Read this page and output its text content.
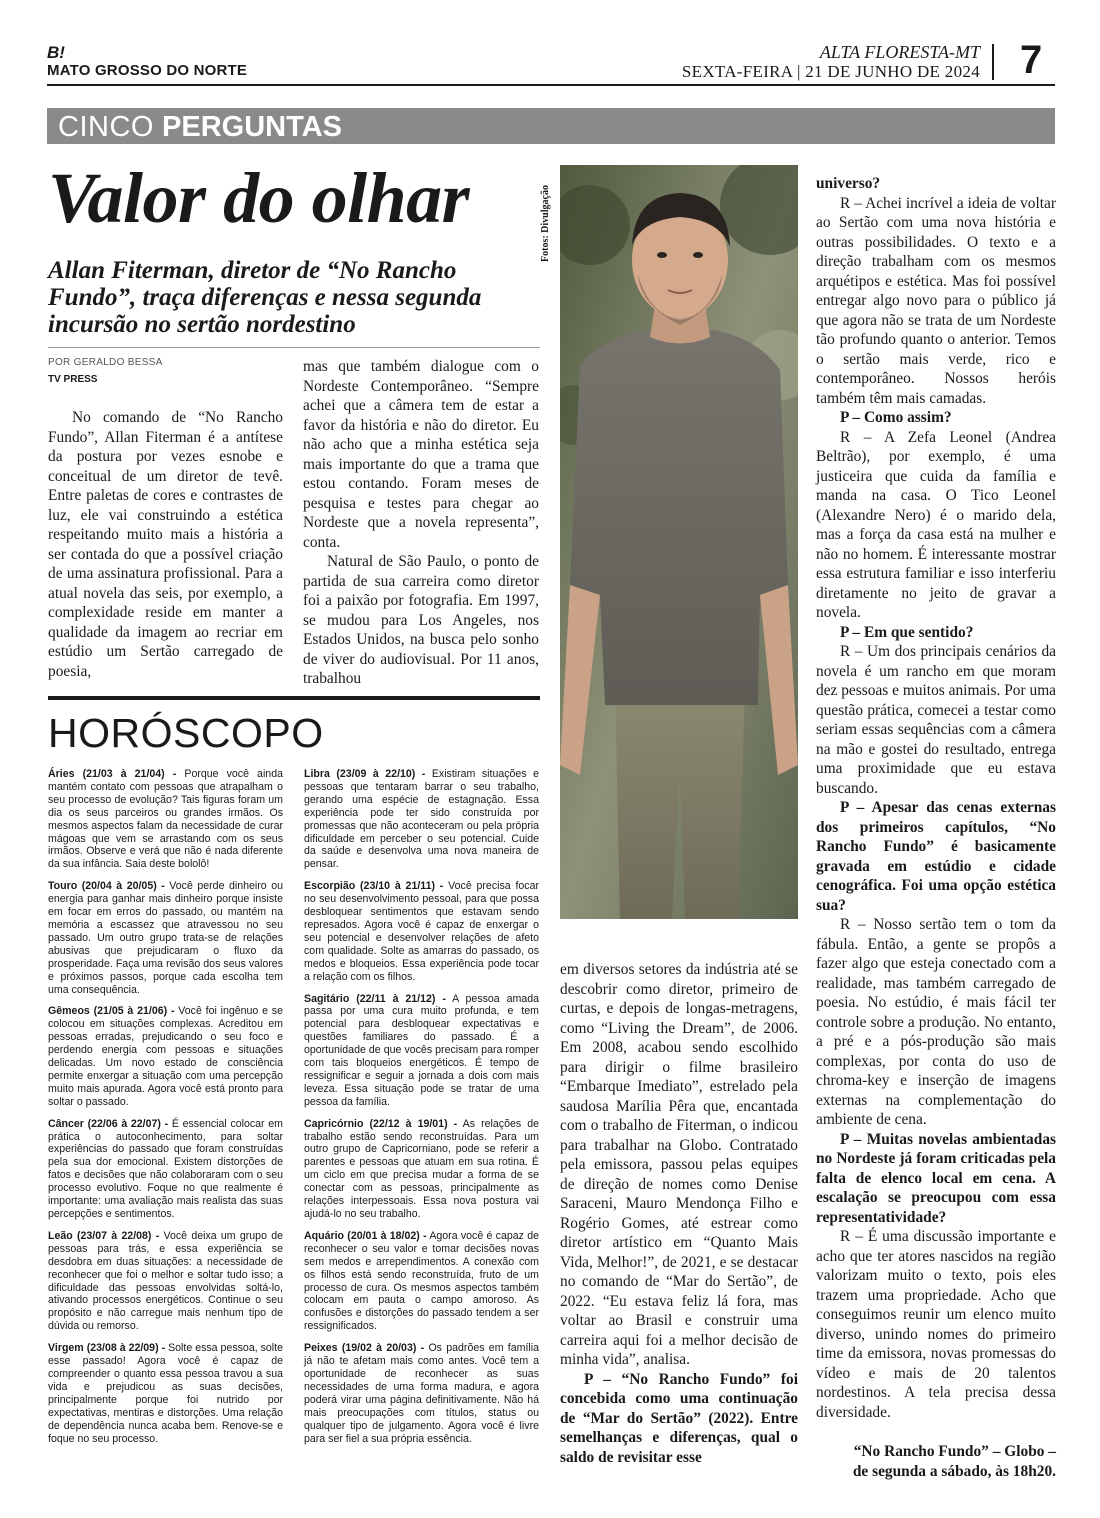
B!
MATO GROSSO DO NORTE
ALTA FLORESTA-MT
SEXTA-FEIRA | 21 DE JUNHO DE 2024 7
CINCO PERGUNTAS
Valor do olhar	Fotos: Divulgação
Allan Fiterman, diretor de “No Rancho Fundo”, traça diferenças e nessa segunda incursão no sertão nordestino
POR GERALDO BESSA
TV PRESS

No comando de “No Rancho Fundo”, Allan Fiterman é a antítese da postura por vezes esnobe e conceitual de um diretor de tevê. Entre paletas de cores e contrastes de luz, ele vai construindo a estética respeitando muito mais a história a ser contada do que a possível criação de uma assinatura profissional. Para a atual novela das seis, por exemplo, a complexidade reside em manter a qualidade da imagem ao recriar em estúdio um Sertão carregado de poesia,

mas que também dialogue com o Nordeste Contemporâneo. “Sempre achei que a câmera tem de estar a favor da história e não do diretor. Eu não acho que a minha estética seja mais importante do que a trama que estou contando. Foram meses de pesquisa e testes para chegar ao Nordeste que a novela representa”, conta.

Natural de São Paulo, o ponto de partida de sua carreira como diretor foi a paixão por fotografia. Em 1997, se mudou para Los Angeles, nos Estados Unidos, na busca pelo sonho de viver do audiovisual. Por 11 anos, trabalhou

em diversos setores da indústria até se descobrir como diretor, primeiro de curtas, e depois de longas-metragens, como “Living the Dream”, de 2006. Em 2008, acabou sendo escolhido para dirigir o filme brasileiro “Embarque Imediato”, estrelado pela saudosa Marília Pêra que, encantada com o trabalho de Fiterman, o indicou para trabalhar na Globo. Contratado pela emissora, passou pelas equipes de direção de nomes como Denise Saraceni, Mauro Mendonça Filho e Rogério Gomes, até estrear como diretor artístico em “Quanto Mais Vida, Melhor!”, de 2021, e se destacar no comando de “Mar do Sertão”, de 2022. “Eu estava feliz lá fora, mas voltar ao Brasil e construir uma carreira aqui foi a melhor decisão de minha vida”, analisa.

P – “No Rancho Fundo” foi concebida como uma continuação de “Mar do Sertão” (2022). Entre semelhanças e diferenças, qual o saldo de revisitar esse

universo?

R – Achei incrível a ideia de voltar ao Sertão com uma nova história e outras possibilidades. O texto e a direção trabalham com os mesmos arquétipos e estética. Mas foi possível entregar algo novo para o público já que agora não se trata de um Nordeste tão profundo quanto o anterior. Temos o sertão mais verde, rico e contemporâneo. Nossos heróis também têm mais camadas.

P – Como assim?

R – A Zefa Leonel (Andrea Beltrão), por exemplo, é uma justiceira que cuida da família e manda na casa. O Tico Leonel (Alexandre Nero) é o marido dela, mas a força da casa está na mulher e não no homem. É interessante mostrar essa estrutura familiar e isso interferiu diretamente no jeito de gravar a novela.

P – Em que sentido?

R – Um dos principais cenários da novela é um rancho em que moram dez pessoas e muitos animais. Por uma questão prática, comecei a testar como seriam essas sequências com a câmera na mão e gostei do resultado, entrega uma proximidade que eu estava buscando.

P – Apesar das cenas externas dos primeiros capítulos, “No Rancho Fundo” é basicamente gravada em estúdio e cidade cenográfica. Foi uma opção estética sua?

R – Nosso sertão tem o tom da fábula. Então, a gente se propôs a fazer algo que esteja conectado com a realidade, mas também carregado de poesia. No estúdio, é mais fácil ter controle sobre a produção. No entanto, a pré e a pós-produção são mais complexas, por conta do uso de chroma-key e inserção de imagens externas na complementação do ambiente de cena.

P – Muitas novelas ambientadas no Nordeste já foram criticadas pela falta de elenco local em cena. A escalação se preocupou com essa representatividade?

R – É uma discussão importante e acho que ter atores nascidos na região valorizam muito o texto, pois eles trazem uma propriedade. Acho que conseguimos reunir um elenco muito diverso, unindo nomes do primeiro time da emissora, novas promessas do vídeo e mais de 20 talentos nordestinos. A tela precisa dessa diversidade.

“No Rancho Fundo” – Globo – de segunda a sábado, às 18h20.

HORÓSCOPO

Áries (21/03 à 21/04) - Porque você ainda mantém contato com pessoas que atrapalham o seu processo de evolução? Tais figuras foram um dia os seus parceiros ou grandes irmãos. Os mesmos aspectos falam da necessidade de curar mágoas que vem se arrastando com os seus irmãos. Observe e verá que não é nada diferente da sua infância. Saia deste bololô!

Touro (20/04 à 20/05) - Você perde dinheiro ou energia para ganhar mais dinheiro porque insiste em focar em erros do passado, ou mantém na memória a escassez que atravessou no seu passado. Um outro grupo trata-se de relações abusivas que prejudicaram o fluxo da prosperidade. Faça uma revisão dos seus valores e próximos passos, porque cada escolha tem uma consequência.

Gêmeos (21/05 à 21/06) - Você foi ingênuo e se colocou em situações complexas. Acreditou em pessoas erradas, prejudicando o seu foco e perdendo energia com pessoas e situações delicadas. Um novo estado de consciência permite enxergar a situação com uma percepção muito mais apurada. Agora você está pronto para soltar o passado.

Câncer (22/06 à 22/07) - É essencial colocar em prática o autoconhecimento, para soltar experiências do passado que foram construídas pela sua dor emocional. Existem distorções de fatos e decisões que não colaboraram com o seu processo evolutivo. Foque no que realmente é importante: uma avaliação mais realista das suas percepções e sentimentos.

Leão (23/07 à 22/08) - Você deixa um grupo de pessoas para trás, e essa experiência se desdobra em duas situações: a necessidade de reconhecer que foi o melhor e soltar tudo isso; a dificuldade das pessoas envolvidas soltá-lo, ativando processos energéticos. Continue o seu propósito e não carregue mais nenhum tipo de dúvida ou remorso.

Virgem (23/08 à 22/09) - Solte essa pessoa, solte esse passado! Agora você é capaz de compreender o quanto essa pessoa travou a sua vida e prejudicou as suas decisões, principalmente porque foi nutrido por expectativas, mentiras e distorções. Uma relação de dependência nunca acaba bem. Renove-se e foque no seu processo.

Libra (23/09 à 22/10) - Existiram situações e pessoas que tentaram barrar o seu trabalho, gerando uma espécie de estagnação. Essa experiência pode ter sido construída por promessas que não aconteceram ou pela própria dificuldade em perceber o seu potencial. Cuide da saúde e desenvolva uma nova maneira de pensar.

Escorpião (23/10 à 21/11) - Você precisa focar no seu desenvolvimento pessoal, para que possa desbloquear sentimentos que estavam sendo represados. Agora você é capaz de enxergar o seu potencial e desenvolver relações de afeto com qualidade. Solte as amarras do passado, os medos e bloqueios. Essa experiência pode tocar a relação com os filhos.

Sagitário (22/11 à 21/12) - A pessoa amada passa por uma cura muito profunda, e tem potencial para desbloquear expectativas e questões familiares do passado. É a oportunidade de que vocês precisam para romper com tais bloqueios energéticos. É tempo de ressignificar e seguir a jornada a dois com mais leveza. Essa situação pode se tratar de uma pessoa da família.

Capricórnio (22/12 à 19/01) - As relações de trabalho estão sendo reconstruídas. Para um outro grupo de Capricorniano, pode se referir a parentes e pessoas que atuam em sua rotina. É um ciclo em que precisa mudar a forma de se conectar com as pessoas, principalmente as relações interpessoais. Essa nova postura vai ajudá-lo no seu trabalho.

Aquário (20/01 à 18/02) - Agora você é capaz de reconhecer o seu valor e tomar decisões novas sem medos e arrependimentos. A conexão com os filhos está sendo reconstruída, fruto de um processo de cura. Os mesmos aspectos também colocam em pauta o campo amoroso. As confusões e distorções do passado tendem a ser ressignificados.

Peixes (19/02 à 20/03) - Os padrões em família já não te afetam mais como antes. Você tem a oportunidade de reconhecer as suas necessidades de uma forma madura, e agora poderá virar uma página definitivamente. Não há mais preocupações com títulos, status ou qualquer tipo de julgamento. Agora você é livre para ser fiel a sua própria essência.
